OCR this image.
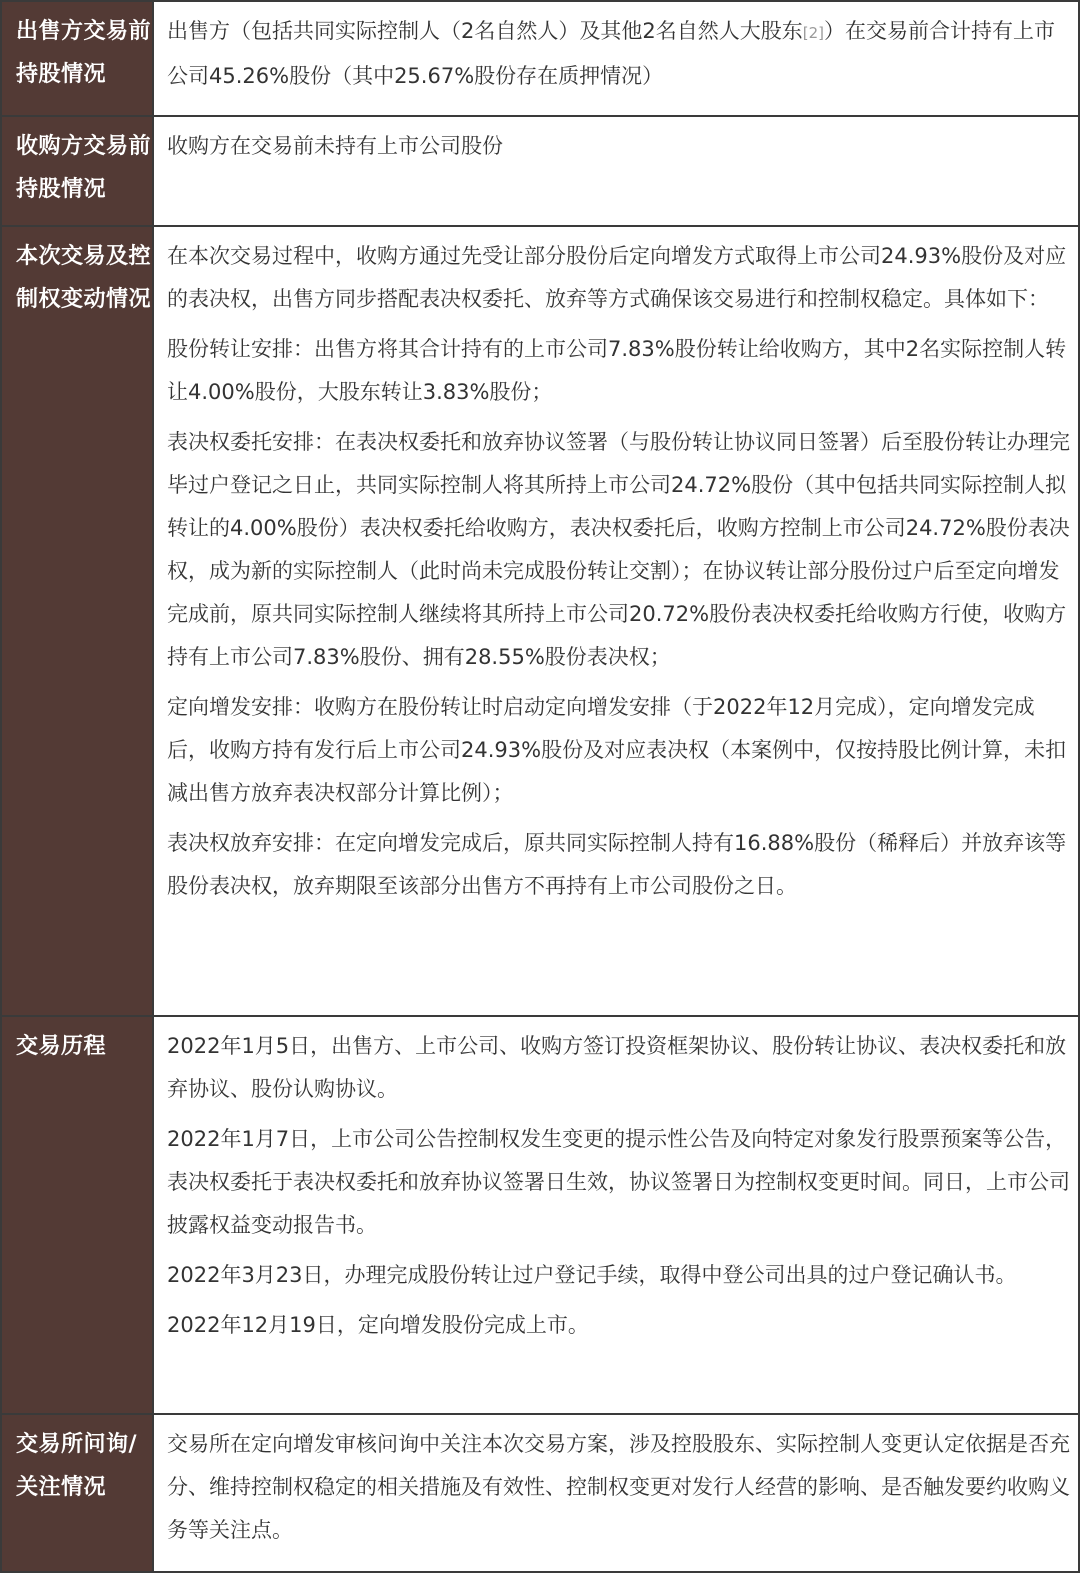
出售方交易前持股情况

出售方（包括共同实际控制人（2名自然人）及其他2名自然人大股东[2]）在交易前合计持有上市公司45.26%股份（其中25.67%股份存在质押情况）

收购方交易前持股情况

收购方在交易前未持有上市公司股份

本次交易及控制权变动情况

在本次交易过程中，收购方通过先受让部分股份后定向增发方式取得上市公司24.93%股份及对应的表决权，出售方同步搭配表决权委托、放弃等方式确保该交易进行和控制权稳定。具体如下：

股份转让安排：出售方将其合计持有的上市公司7.83%股份转让给收购方，其中2名实际控制人转让4.00%股份，大股东转让3.83%股份；

表决权委托安排：在表决权委托和放弃协议签署（与股份转让协议同日签署）后至股份转让办理完毕过户登记之日止，共同实际控制人将其所持上市公司24.72%股份（其中包括共同实际控制人拟转让的4.00%股份）表决权委托给收购方，表决权委托后，收购方控制上市公司24.72%股份表决权，成为新的实际控制人（此时尚未完成股份转让交割）；在协议转让部分股份过户后至定向增发完成前，原共同实际控制人继续将其所持上市公司20.72%股份表决权委托给收购方行使，收购方持有上市公司7.83%股份、拥有28.55%股份表决权；

定向增发安排：收购方在股份转让时启动定向增发安排（于2022年12月完成），定向增发完成后，收购方持有发行后上市公司24.93%股份及对应表决权（本案例中，仅按持股比例计算，未扣减出售方放弃表决权部分计算比例）；

表决权放弃安排：在定向增发完成后，原共同实际控制人持有16.88%股份（稀释后）并放弃该等股份表决权，放弃期限至该部分出售方不再持有上市公司股份之日。

交易历程	2022年1月5日，出售方、上市公司、收购方签订投资框架协议、股份转让协议、表决权委托和放弃协议、股份认购协议。

2022年1月7日，上市公司公告控制权发生变更的提示性公告及向特定对象发行股票预案等公告，表决权委托于表决权委托和放弃协议签署日生效，协议签署日为控制权变更时间。同日，上市公司披露权益变动报告书。

2022年3月23日，办理完成股份转让过户登记手续，取得中登公司出具的过户登记确认书。

2022年12月19日，定向增发股份完成上市。

交易所问询/关注情况

交易所在定向增发审核问询中关注本次交易方案，涉及控股股东、实际控制人变更认定依据是否充分、维持控制权稳定的相关措施及有效性、控制权变更对发行人经营的影响、是否触发要约收购义务等关注点。
